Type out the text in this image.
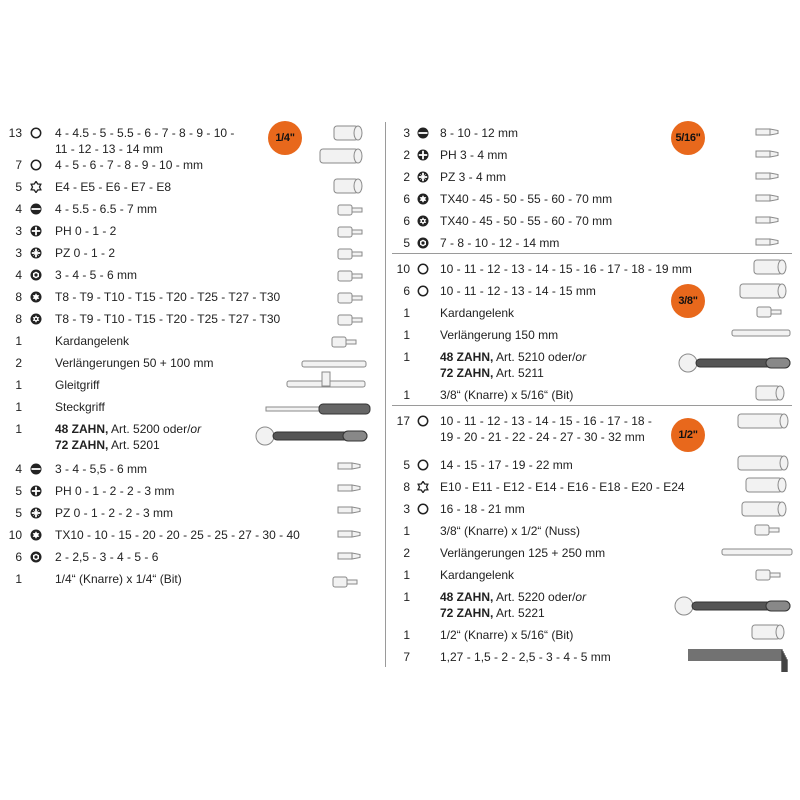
1/4"
13	4 - 4.5 - 5 - 5.5 - 6 - 7 - 8 - 9 - 10 -
11 - 12 - 13 - 14 mm
7	4 - 5 - 6 - 7 - 8 - 9 - 10 - mm
5	E4 - E5 - E6 - E7 - E8
4	4 - 5.5 - 6.5 - 7 mm
3	PH 0 - 1 - 2
3	PZ 0 - 1 - 2
4	3 - 4 - 5 - 6 mm
8	T8 - T9 - T10 - T15 - T20 - T25 - T27 - T30
8	T8 - T9 - T10 - T15 - T20 - T25 - T27 - T30
1	Kardangelenk
2	Verlängerungen 50 + 100 mm
1	Gleitgriff
1	Steckgriff
1	48 ZAHN, Art. 5200 oder/or
72 ZAHN, Art. 5201
4	3 - 4 - 5,5 - 6 mm
5	PH 0 - 1 - 2 - 2 - 3 mm
5	PZ 0 - 1 - 2 - 2 - 3 mm
10	TX10 - 10 - 15 - 20 - 20 - 25 - 25 - 27 - 30 - 40
6	2 - 2,5 - 3 - 4 - 5 - 6
1	1/4“ (Knarre) x 1/4“ (Bit)
5/16"
3/8"
1/2"
3	8 - 10 - 12 mm
2	PH 3 - 4 mm
2	PZ 3 - 4 mm
6	TX40 - 45 - 50 - 55 - 60 - 70 mm
6	TX40 - 45 - 50 - 55 - 60 - 70 mm
5	7 - 8 - 10 - 12 - 14 mm
10	10 - 11 - 12 - 13 - 14 - 15 - 16 - 17 - 18 - 19 mm
6	10 - 11 - 12 - 13 - 14 - 15 mm
1	Kardangelenk
1	Verlängerung 150 mm
1	48 ZAHN, Art. 5210 oder/or
72 ZAHN, Art. 5211
1	3/8“ (Knarre) x 5/16“ (Bit)
17	10 - 11 - 12 - 13 - 14 - 15 - 16 - 17 - 18 -
19 - 20 - 21 - 22 - 24 - 27 - 30 - 32 mm
5	14 - 15 - 17 - 19 - 22 mm
8	E10 - E11 - E12 - E14 - E16 - E18 - E20 - E24
3	16 - 18 - 21 mm
1	3/8“ (Knarre) x 1/2“ (Nuss)
2	Verlängerungen 125 + 250 mm
1	Kardangelenk
1	48 ZAHN, Art. 5220 oder/or
72 ZAHN, Art. 5221
1	1/2“ (Knarre) x 5/16“ (Bit)
7	1,27 - 1,5 - 2 - 2,5 - 3 - 4 - 5 mm
